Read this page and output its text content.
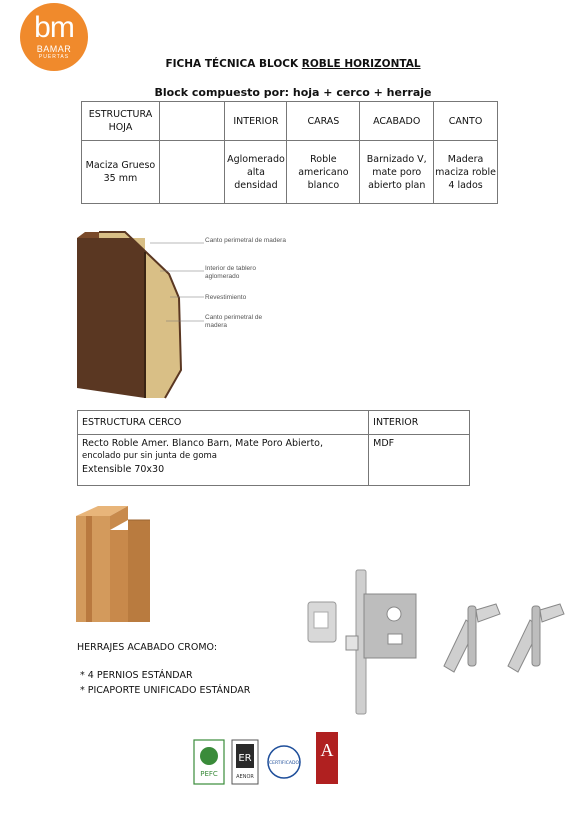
bm
BAMAR
PUERTAS
FICHA TÉCNICA BLOCK ROBLE HORIZONTAL
Block compuesto por: hoja + cerco + herraje
ESTRUCTURA HOJA		INTERIOR	CARAS	ACABADO	CANTO
Maciza Grueso 35 mm		Aglomerado alta densidad	Roble americano blanco	Barnizado V, mate poro abierto plan	Madera maciza roble 4 lados
Canto perimetral de madera
Interior de tablero aglomerado
Revestimiento
Canto perimetral de madera
ESTRUCTURA CERCO	INTERIOR

Recto Roble Amer. Blanco Barn, Mate Poro Abierto,
encolado pur sin junta de goma
Extensible 70x30	MDF
HERRAJES ACABADO CROMO:
* 4 PERNIOS ESTÁNDAR
* PICAPORTE UNIFICADO ESTÁNDAR
PEFC
ER
AENOR
CERTIFICADO
A
